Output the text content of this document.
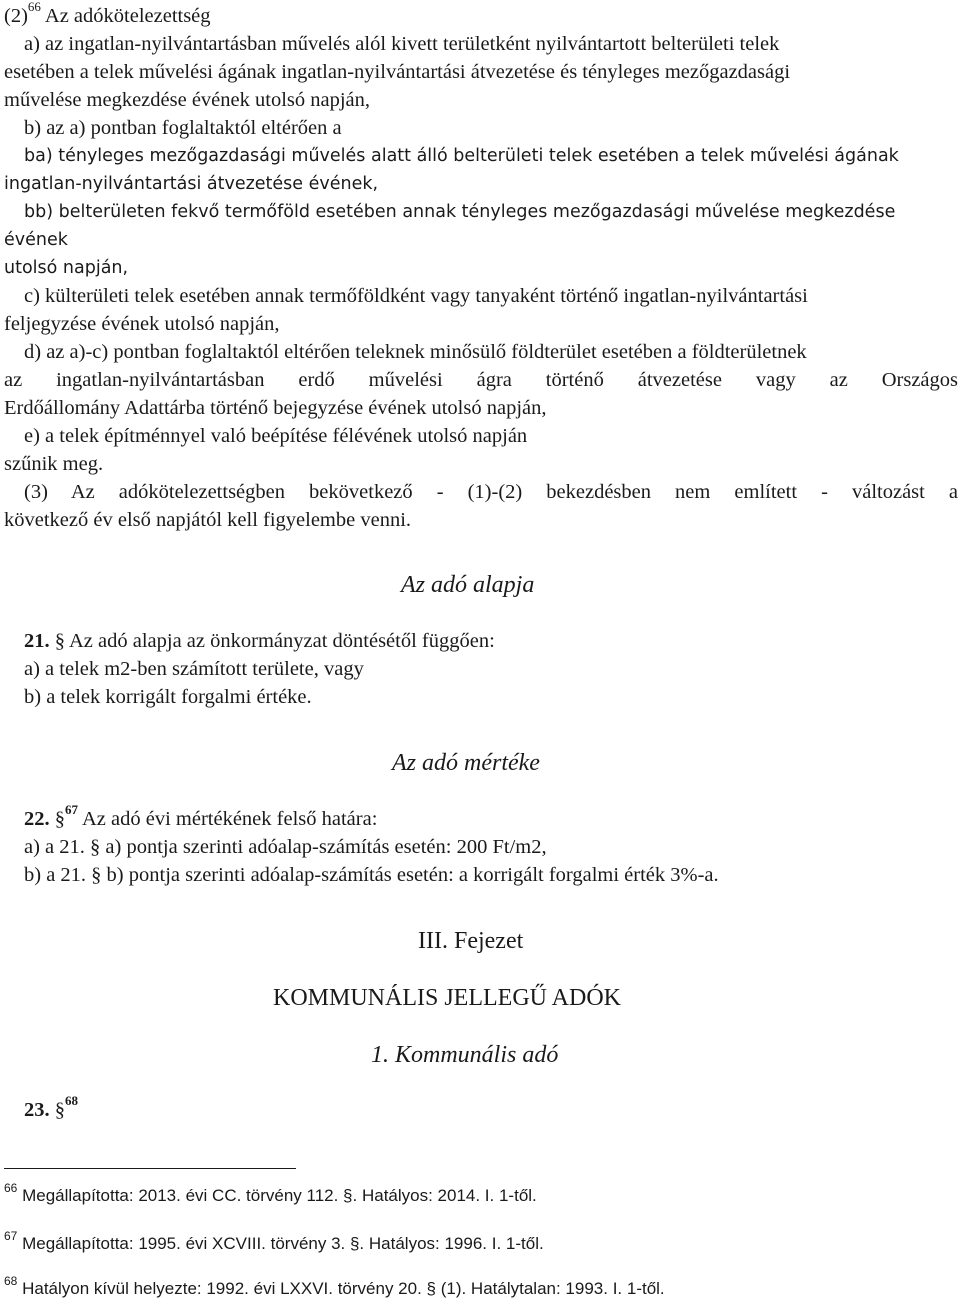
$(2)^{66}$ Az adókötelezettség
a) az ingatlan-nyilvántartásban művelés alól kivett területként nyilvántartott belterületi telek
esetében a telek művelési ágának ingatlan-nyilvántartási átvezetése és tényleges mezőgazdasági
művelése megkezdése évének utolsó napján,
b) az a) pontban foglaltaktól eltérően a
ba) tényleges mezőgazdasági művelés alatt álló belterületi telek esetében a telek művelési ágának
ingatlan-nyilvántartási átvezetése évének,
bb) belterületen fekvő termőföld esetében annak tényleges mezőgazdasági művelése megkezdése
évének
utolsó napján,
c) külterületi telek esetében annak termőföldként vagy tanyaként történő ingatlan-nyilvántartási
feljegyzése évének utolsó napján,
d) az a)-c) pontban foglaltaktól eltérően teleknek minősülő földterület esetében a földterületnek
az ingatlan-nyilvántartásban erdő művelési ágra történő átvezetése vagy az Országos
Erdőállomány Adattárba történő bejegyzése évének utolsó napján,
e) a telek építménnyel való beépítése félévének utolsó napján
szűnik meg.
(3) Az adókötelezettségben bekövetkező - (1)-(2) bekezdésben nem említett - változást a
következő év első napjától kell figyelembe venni.
Az adó alapja
21. § Az adó alapja az önkormányzat döntésétől függően:
a) a telek m2-ben számított területe, vagy
b) a telek korrigált forgalmi értéke.
Az adó mértéke
22. §$^{67}$ Az adó évi mértékének felső határa:
a) a 21. § a) pontja szerinti adóalap-számítás esetén: 200 Ft/m2,
b) a 21. § b) pontja szerinti adóalap-számítás esetén: a korrigált forgalmi érték 3%-a.
III. Fejezet
KOMMUNÁLIS JELLEGŰ ADÓK
1. Kommunális adó
23. §$^{68}$
$^{66}$ Megállapította: 2013. évi CC. törvény 112. §. Hatályos: 2014. I. 1-től.
$^{67}$ Megállapította: 1995. évi XCVIII. törvény 3. §. Hatályos: 1996. I. 1-től.
$^{68}$ Hatályon kívül helyezte: 1992. évi LXXVI. törvény 20. § (1). Hatálytalan: 1993. I. 1-től.
